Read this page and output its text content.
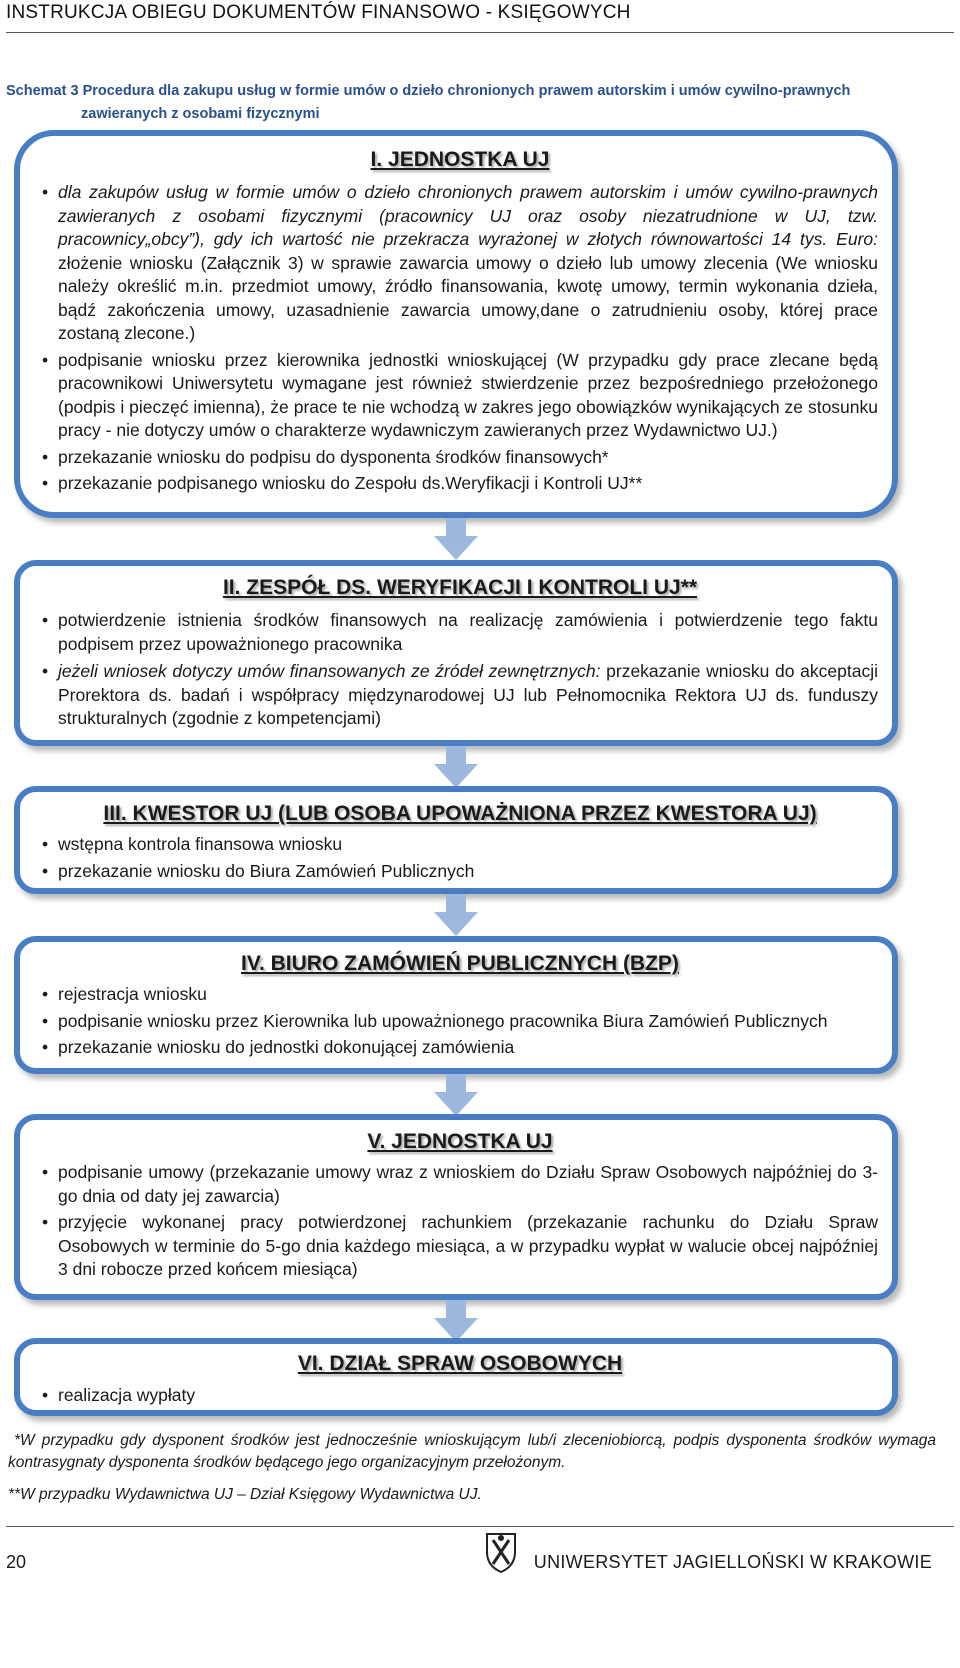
INSTRUKCJA OBIEGU DOKUMENTÓW FINANSOWO - KSIĘGOWYCH
Schemat 3 Procedura dla zakupu usług w formie umów o dzieło chronionych prawem autorskim i umów cywilno-prawnych
zawieranych z osobami fizycznymi
I. JEDNOSTKA UJ
• dla zakupów usług w formie umów o dzieło chronionych prawem autorskim i umów cywilno-prawnych zawieranych z osobami fizycznymi (pracownicy UJ oraz osoby niezatrudnione w UJ, tzw. pracownicy„obcy”), gdy ich wartość nie przekracza wyrażonej w złotych równowartości 14 tys. Euro: złożenie wniosku (Załącznik 3) w sprawie zawarcia umowy o dzieło lub umowy zlecenia (We wniosku należy określić m.in. przedmiot umowy, źródło finansowania, kwotę umowy, termin wykonania dzieła, bądź zakończenia umowy, uzasadnienie zawarcia umowy,dane o zatrudnieniu osoby, której prace zostaną zlecone.)
• podpisanie wniosku przez kierownika jednostki wnioskującej (W przypadku gdy prace zlecane będą pracownikowi Uniwersytetu wymagane jest również stwierdzenie przez bezpośredniego przełożonego (podpis i pieczęć imienna), że prace te nie wchodzą w zakres jego obowiązków wynikających ze stosunku pracy - nie dotyczy umów o charakterze wydawniczym zawieranych przez Wydawnictwo UJ.)
• przekazanie wniosku do podpisu do dysponenta środków finansowych*
• przekazanie podpisanego wniosku do Zespołu ds.Weryfikacji i Kontroli UJ**
II. ZESPÓŁ DS. WERYFIKACJI I KONTROLI UJ**
• potwierdzenie istnienia środków finansowych na realizację zamówienia i potwierdzenie tego faktu podpisem przez upoważnionego pracownika
• jeżeli wniosek dotyczy umów finansowanych ze źródeł zewnętrznych: przekazanie wniosku do akceptacji Prorektora ds. badań i współpracy międzynarodowej UJ lub Pełnomocnika Rektora UJ ds. funduszy strukturalnych (zgodnie z kompetencjami)
III. KWESTOR UJ (LUB OSOBA UPOWAŻNIONA PRZEZ KWESTORA UJ)
• wstępna kontrola finansowa wniosku
• przekazanie wniosku do Biura Zamówień Publicznych
IV. BIURO ZAMÓWIEŃ PUBLICZNYCH (BZP)
• rejestracja wniosku
• podpisanie wniosku przez Kierownika lub upoważnionego pracownika Biura Zamówień Publicznych
• przekazanie wniosku do jednostki dokonującej zamówienia
V. JEDNOSTKA UJ
• podpisanie umowy (przekazanie umowy wraz z wnioskiem do Działu Spraw Osobowych najpóźniej do 3-go dnia od daty jej zawarcia)
• przyjęcie wykonanej pracy potwierdzonej rachunkiem (przekazanie rachunku do Działu Spraw Osobowych w terminie do 5-go dnia każdego miesiąca, a w przypadku wypłat w walucie obcej najpóźniej 3 dni robocze przed końcem miesiąca)
VI. DZIAŁ SPRAW OSOBOWYCH
• realizacja wypłaty
*W przypadku gdy dysponent środków jest jednocześnie wnioskującym lub/i zleceniobiorcą, podpis dysponenta środków wymaga kontrasygnaty dysponenta środków będącego jego organizacyjnym przełożonym.
**W przypadku Wydawnictwa UJ – Dział Księgowy Wydawnictwa UJ.
20	UNIWERSYTET JAGIELLOŃSKI W KRAKOWIE
